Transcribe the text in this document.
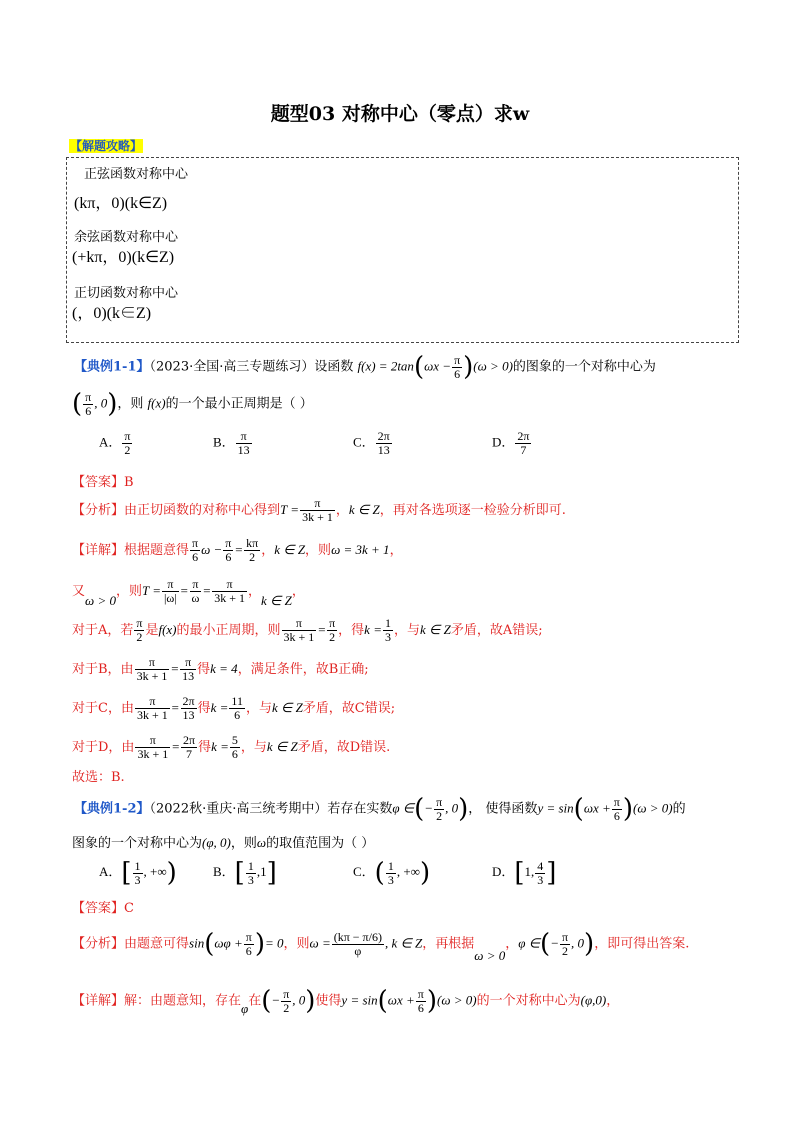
题型03 对称中心（零点）求w
【解题攻略】
正弦函数对称中心
(kπ，0)(k∈Z)
余弦函数对称中心
(+kπ，0)(k∈Z)
正切函数对称中心
(，0)(k∈Z)
【典例1-1】（2023·全国·高三专题练习）设函数 $f(x) = 2\tan(\omega x - \frac{\pi}{6} )(\omega > 0)$的图象的一个对称中心为
( $\frac{\pi}{6}$ , 0)，则 f(x)的一个最小正周期是（ ）
A． $\frac{\pi}{2}$	B． $\frac{\pi}{13}$	C． $\frac{2\pi}{13}$	D． $\frac{2\pi}{7}$
【答案】B
【分析】由正切函数的对称中心得到$T = \frac{\pi}{3k + 1}$ ，k ∈ Z，再对各选项逐一检验分析即可.
【详解】根据题意得 $\frac{\pi}{6}$ $\omega - \frac{\pi}{6} = \frac{k\pi}{2}$ ，k ∈ Z，则ω = 3k + 1，
又ω > 0，则$T = \frac{\pi}{|\omega|} = \frac{\pi}{\omega} = \frac{\pi}{3k + 1}$ ，k ∈ Z，
对于A，若 $\frac{\pi}{2}$ 是f(x)的最小正周期，则 $\frac{\pi}{3k + 1} = \frac{\pi}{2}$ ，得$k = \frac{1}{3}$ ，与k ∈ Z矛盾，故A错误;
对于B，由 $\frac{\pi}{3k + 1} = \frac{\pi}{13}$ 得k = 4，满足条件，故B正确;
对于C，由 $\frac{\pi}{3k + 1} = \frac{2\pi}{13}$ 得$k = \frac{11}{6}$ ，与k ∈ Z矛盾，故C错误;
对于D，由 $\frac{\pi}{3k + 1} = \frac{2\pi}{7}$ 得$k = \frac{5}{6}$ ，与k ∈ Z矛盾，故D错误.
故选：B.
【典例1-2】（2022秋·重庆·高三统考期中）若存在实数φ ∈(− $\frac{\pi}{2}$ , 0)， 使得函数$y = \sin(\omega x + \frac{\pi}{6} )(\omega > 0)$的
图象的一个对称中心为(φ, 0)，则ω的取值范围为（ ）
A．[ $\frac{1}{3}$ , +∞)	B．[ $\frac{1}{3} ,1$]	C．( $\frac{1}{3}$ , +∞)	D．[1, $\frac{4}{3}$ ]
【答案】C
【分析】由题意可得$\sin(\omega\varphi + \frac{\pi}{6}$ )= 0，则$\omega = \frac{(k\pi - \pi/6)}{\varphi}$ , k ∈ Z，再根据ω > 0，φ ∈(− $\frac{\pi}{2}$ , 0)，即可得出答案.
【详解】解：由题意知，存在φ在(− $\frac{\pi}{2}$ , 0)使得$y = \sin(\omega x + \frac{\pi}{6} )(\omega > 0)$的一个对称中心为(φ,0)，
